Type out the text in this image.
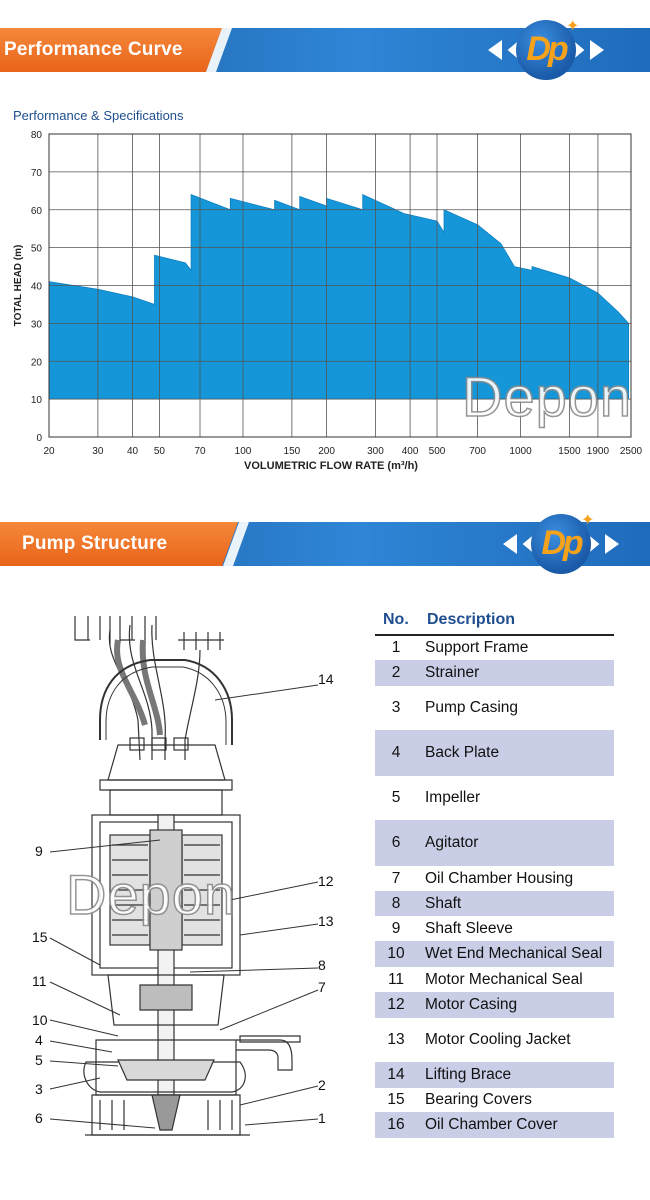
Performance Curve	Dp
✦
Performance & Specifications
0
10
20
30
40
50
60
70
80
20	30 40 50	70	100	150 200	300 400 500 700 1000	1500 1900 2500
VOLUMETRIC FLOW RATE (m³/h)
TOTAL HEAD (m)
Pump Structure	Dp
✦
14
9
12
13
15
8
11	7
10
4
5
2
3
6	1
Depon
Depon
No. Description
1	Support Frame
2	Strainer
3	Pump Casing
4	Back Plate
5	Impeller
6	Agitator
7	Oil Chamber Housing
8	Shaft
9	Shaft Sleeve
10	Wet End Mechanical Seal
11	Motor Mechanical Seal
12	Motor Casing
13	Motor Cooling Jacket
14	Lifting Brace
15	Bearing Covers
16	Oil Chamber Cover
